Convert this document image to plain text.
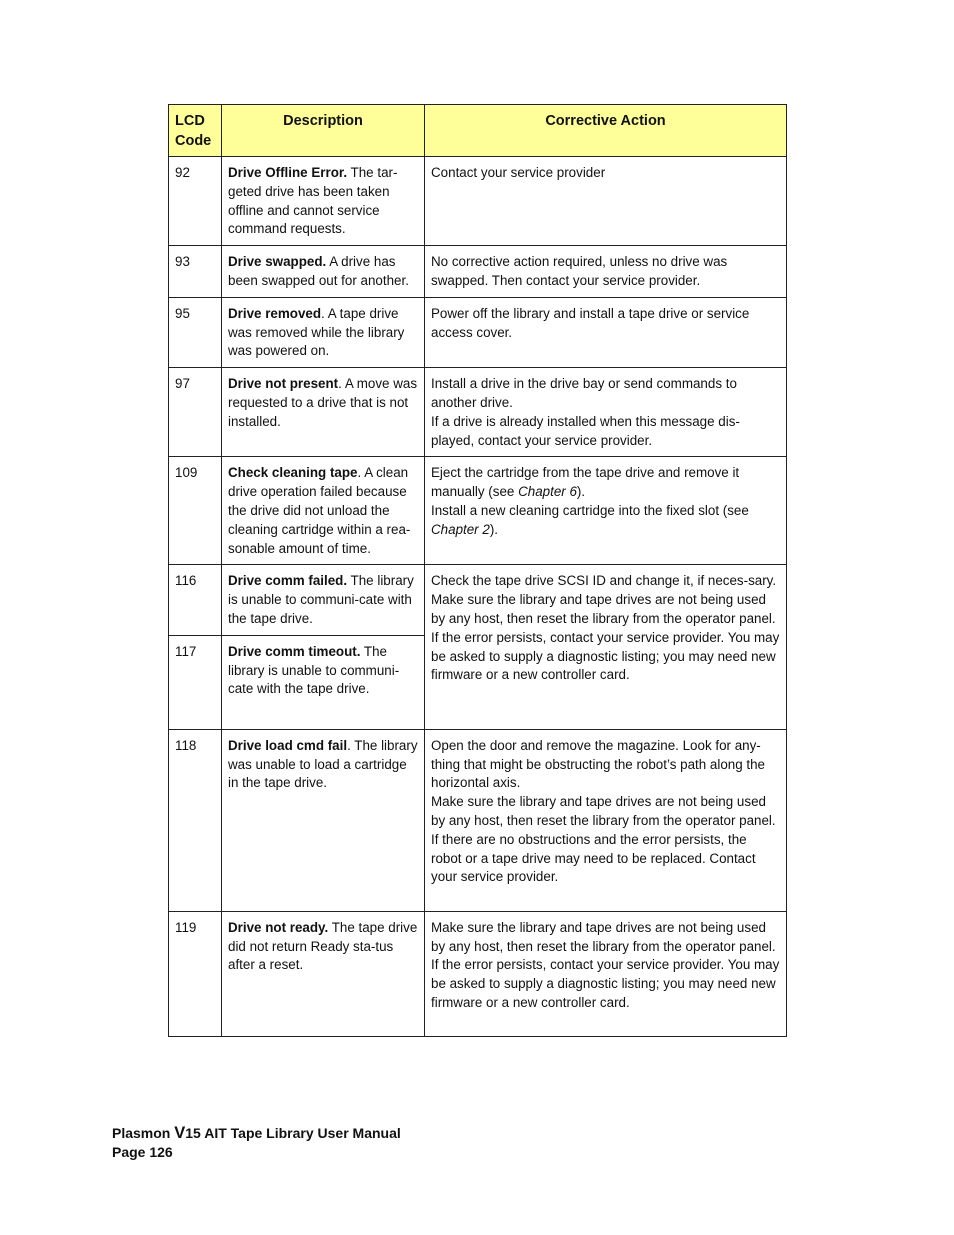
LCD
Code	Description	Corrective Action
92	Drive Offline Error. The tar-geted drive has been taken offline and cannot service command requests.	Contact your service provider

93	Drive swapped. A drive has been swapped out for another.	No corrective action required, unless no drive was swapped. Then contact your service provider.

95	Drive removed. A tape drive was removed while the library was powered on.	Power off the library and install a tape drive or service access cover.

97	Drive not present. A move was requested to a drive that is not installed.	Install a drive in the drive bay or send commands to another drive.
If a drive is already installed when this message dis-played, contact your service provider.

109	Check cleaning tape. A clean drive operation failed because the drive did not unload the cleaning cartridge within a rea-sonable amount of time.	Eject the cartridge from the tape drive and remove it manually (see Chapter 6).
Install a new cleaning cartridge into the fixed slot (see Chapter 2).

116	Drive comm failed. The library is unable to communi-cate with the tape drive.	Check the tape drive SCSI ID and change it, if neces-sary.
Make sure the library and tape drives are not being used by any host, then reset the library from the operator panel.
If the error persists, contact your service provider. You may be asked to supply a diagnostic listing; you may need new firmware or a new controller card.

117	Drive comm timeout. The library is unable to communi-cate with the tape drive.	
118	Drive load cmd fail. The library was unable to load a cartridge in the tape drive.	Open the door and remove the magazine. Look for any-thing that might be obstructing the robot’s path along the horizontal axis.
Make sure the library and tape drives are not being used by any host, then reset the library from the operator panel.
If there are no obstructions and the error persists, the robot or a tape drive may need to be replaced. Contact your service provider.

119	Drive not ready. The tape drive did not return Ready sta-tus after a reset.	Make sure the library and tape drives are not being used by any host, then reset the library from the operator panel.
If the error persists, contact your service provider. You may be asked to supply a diagnostic listing; you may need new firmware or a new controller card.
Plasmon V15 AIT Tape Library User Manual
Page 126
